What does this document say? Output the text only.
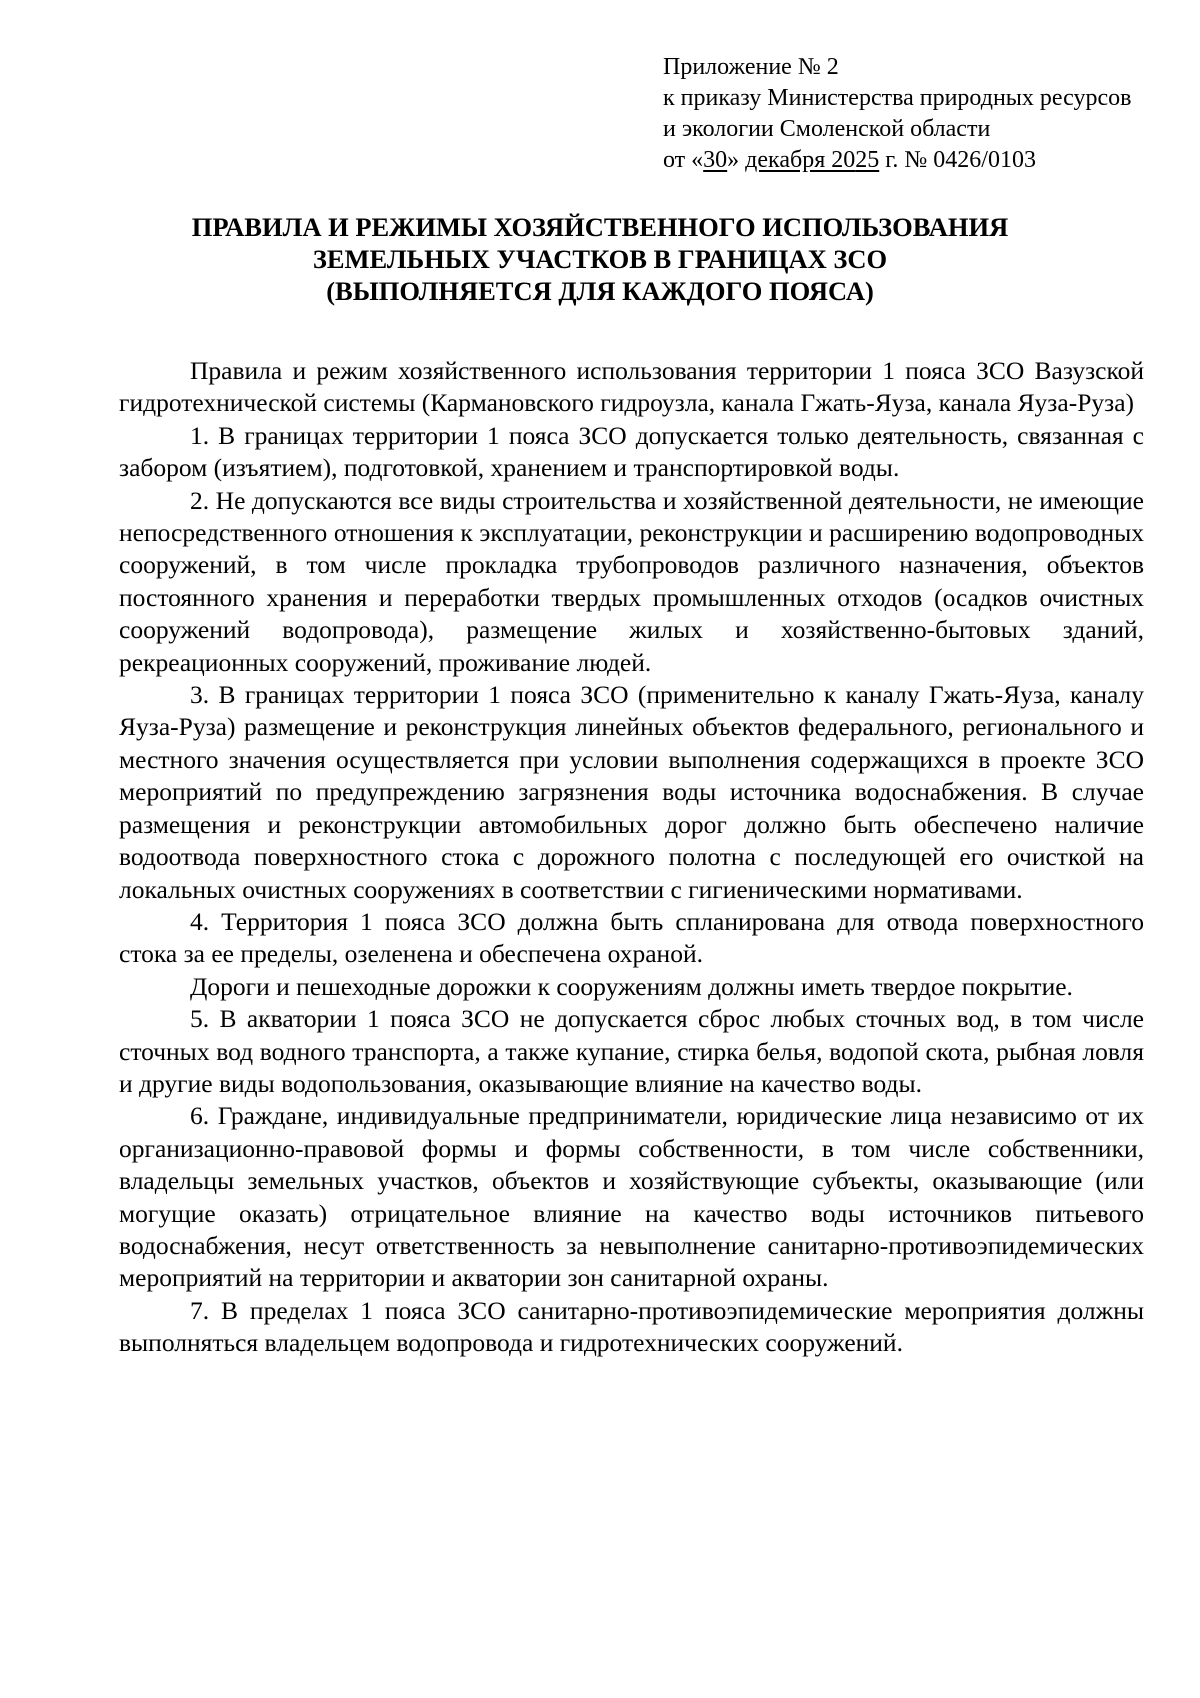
Приложение № 2
к приказу Министерства природных ресурсов
и экологии Смоленской области
от «30» декабря 2025 г. № 0426/0103
ПРАВИЛА И РЕЖИМЫ ХОЗЯЙСТВЕННОГО ИСПОЛЬЗОВАНИЯ
ЗЕМЕЛЬНЫХ УЧАСТКОВ В ГРАНИЦАХ ЗСО
(ВЫПОЛНЯЕТСЯ ДЛЯ КАЖДОГО ПОЯСА)

Правила и режим хозяйственного использования территории 1 пояса ЗСО Вазузской гидротехнической системы (Кармановского гидроузла, канала Гжать-Яуза, канала Яуза-Руза)

1. В границах территории 1 пояса ЗСО допускается только деятельность, связанная с забором (изъятием), подготовкой, хранением и транспортировкой воды.

2. Не допускаются все виды строительства и хозяйственной деятельности, не имеющие непосредственного отношения к эксплуатации, реконструкции и расширению водопроводных сооружений, в том числе прокладка трубопроводов различного назначения, объектов постоянного хранения и переработки твердых промышленных отходов (осадков очистных сооружений водопровода), размещение жилых и хозяйственно-бытовых зданий, рекреационных сооружений, проживание людей.

3. В границах территории 1 пояса ЗСО (применительно к каналу Гжать-Яуза, каналу Яуза-Руза) размещение и реконструкция линейных объектов федерального, регионального и местного значения осуществляется при условии выполнения содержащихся в проекте ЗСО мероприятий по предупреждению загрязнения воды источника водоснабжения. В случае размещения и реконструкции автомобильных дорог должно быть обеспечено наличие водоотвода поверхностного стока с дорожного полотна с последующей его очисткой на локальных очистных сооружениях в соответствии с гигиеническими нормативами.

4. Территория 1 пояса ЗСО должна быть спланирована для отвода поверхностного стока за ее пределы, озеленена и обеспечена охраной.

Дороги и пешеходные дорожки к сооружениям должны иметь твердое покрытие.

5. В акватории 1 пояса ЗСО не допускается сброс любых сточных вод, в том числе сточных вод водного транспорта, а также купание, стирка белья, водопой скота, рыбная ловля и другие виды водопользования, оказывающие влияние на качество воды.

6. Граждане, индивидуальные предприниматели, юридические лица независимо от их организационно-правовой формы и формы собственности, в том числе собственники, владельцы земельных участков, объектов и хозяйствующие субъекты, оказывающие (или могущие оказать) отрицательное влияние на качество воды источников питьевого водоснабжения, несут ответственность за невыполнение санитарно-противоэпидемических мероприятий на территории и акватории зон санитарной охраны.

7. В пределах 1 пояса ЗСО санитарно-противоэпидемические мероприятия должны выполняться владельцем водопровода и гидротехнических сооружений.
